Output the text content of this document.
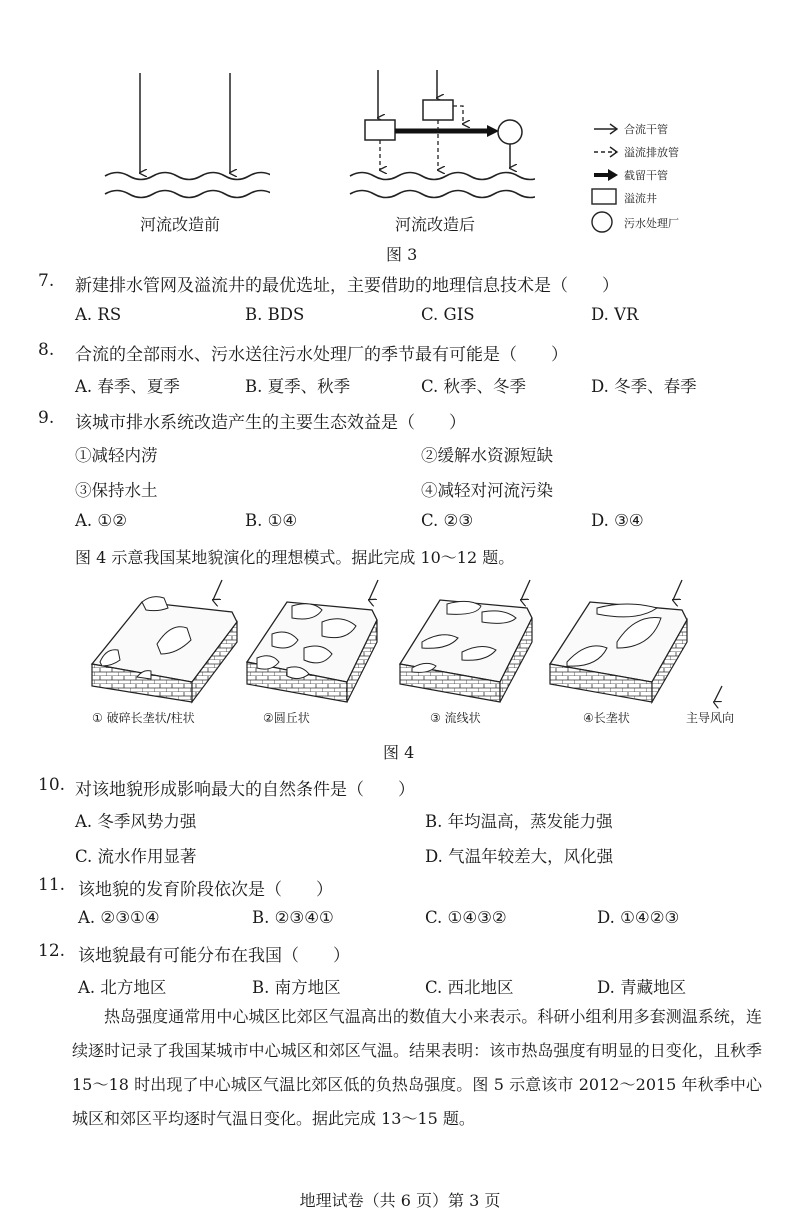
河流改造前	河流改造后
合流干管
溢流排放管
截留干管
溢流井
污水处理厂
图 3
7. 新建排水管网及溢流井的最优选址，主要借助的地理信息技术是（　　）
A. RS	B. BDS	C. GIS	D. VR
8. 合流的全部雨水、污水送往污水处理厂的季节最有可能是（　　）
A. 春季、夏季	B. 夏季、秋季	C. 秋季、冬季	D. 冬季、春季
9. 该城市排水系统改造产生的主要生态效益是（　　）
①减轻内涝	②缓解水资源短缺
③保持水土	④减轻对河流污染
A. ①②	B. ①④	C. ②③	D. ③④
图 4 示意我国某地貌演化的理想模式。据此完成 10～12 题。
① 破碎长垄状/柱状	②圆丘状	③ 流线状	④长垄状	主导风向
图 4
10. 对该地貌形成影响最大的自然条件是（　　）
A. 冬季风势力强	B. 年均温高，蒸发能力强
C. 流水作用显著	D. 气温年较差大，风化强
11. 该地貌的发育阶段依次是（　　）
A. ②③①④	B. ②③④①	C. ①④③②	D. ①④②③
12. 该地貌最有可能分布在我国（　　）
A. 北方地区	B. 南方地区	C. 西北地区	D. 青藏地区
热岛强度通常用中心城区比郊区气温高出的数值大小来表示。科研小组利用多套测温系统，连续逐时记录了我国某城市中心城区和郊区气温。结果表明：该市热岛强度有明显的日变化，且秋季 15～18 时出现了中心城区气温比郊区低的负热岛强度。图 5 示意该市 2012～2015 年秋季中心城区和郊区平均逐时气温日变化。据此完成 13～15 题。
地理试卷（共 6 页）第 3 页
